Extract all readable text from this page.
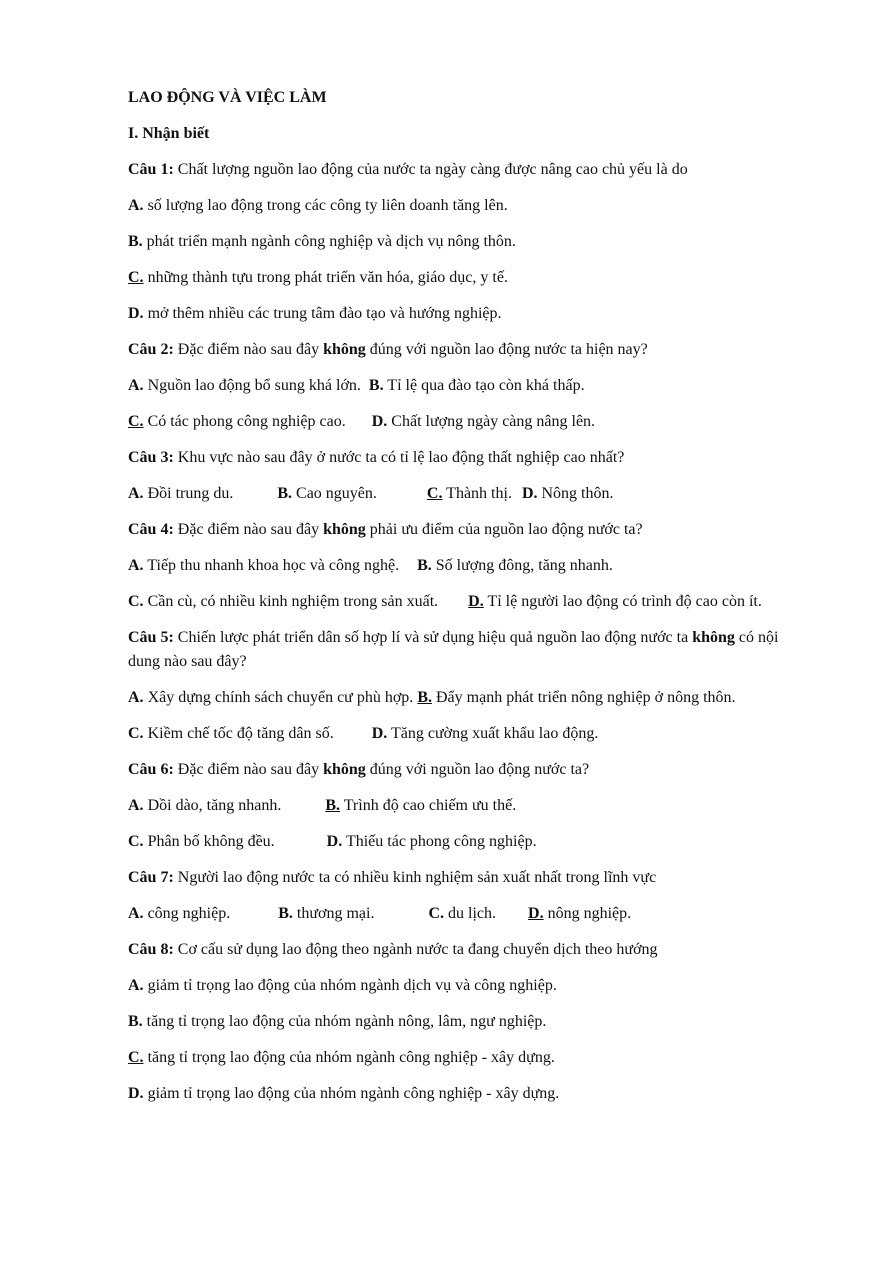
LAO ĐỘNG VÀ VIỆC LÀM

I. Nhận biết

Câu 1: Chất lượng nguồn lao động của nước ta ngày càng được nâng cao chủ yếu là do

A. số lượng lao động trong các công ty liên doanh tăng lên.

B. phát triển mạnh ngành công nghiệp và dịch vụ nông thôn.

C. những thành tựu trong phát triển văn hóa, giáo dục, y tế.

D. mở thêm nhiều các trung tâm đào tạo và hướng nghiệp.

Câu 2: Đặc điểm nào sau đây không đúng với nguồn lao động nước ta hiện nay?

A. Nguồn lao động bổ sung khá lớn. B. Tỉ lệ qua đào tạo còn khá thấp.

C. Có tác phong công nghiệp cao. D. Chất lượng ngày càng nâng lên.

Câu 3: Khu vực nào sau đây ở nước ta có tỉ lệ lao động thất nghiệp cao nhất?

A. Đồi trung du.	B. Cao nguyên.	C. Thành thị. D. Nông thôn.

Câu 4: Đặc điểm nào sau đây không phải ưu điểm của nguồn lao động nước ta?

A. Tiếp thu nhanh khoa học và công nghệ. B. Số lượng đông, tăng nhanh.

C. Cần cù, có nhiều kinh nghiệm trong sản xuất. D. Tỉ lệ người lao động có trình độ cao còn ít.

Câu 5: Chiến lược phát triển dân số hợp lí và sử dụng hiệu quả nguồn lao động nước ta không có nội dung nào sau đây?

A. Xây dựng chính sách chuyển cư phù hợp. B. Đẩy mạnh phát triển nông nghiệp ở nông thôn.

C. Kiềm chế tốc độ tăng dân số. D. Tăng cường xuất khẩu lao động.

Câu 6: Đặc điểm nào sau đây không đúng với nguồn lao động nước ta?

A. Dồi dào, tăng nhanh.	B. Trình độ cao chiếm ưu thế.

C. Phân bố không đều.	D. Thiếu tác phong công nghiệp.

Câu 7: Người lao động nước ta có nhiều kinh nghiệm sản xuất nhất trong lĩnh vực

A. công nghiệp.	B. thương mại.	C. du lịch. D. nông nghiệp.

Câu 8: Cơ cấu sử dụng lao động theo ngành nước ta đang chuyển dịch theo hướng

A. giảm tỉ trọng lao động của nhóm ngành dịch vụ và công nghiệp.

B. tăng tỉ trọng lao động của nhóm ngành nông, lâm, ngư nghiệp.

C. tăng tỉ trọng lao động của nhóm ngành công nghiệp - xây dựng.

D. giảm tỉ trọng lao động của nhóm ngành công nghiệp - xây dựng.
